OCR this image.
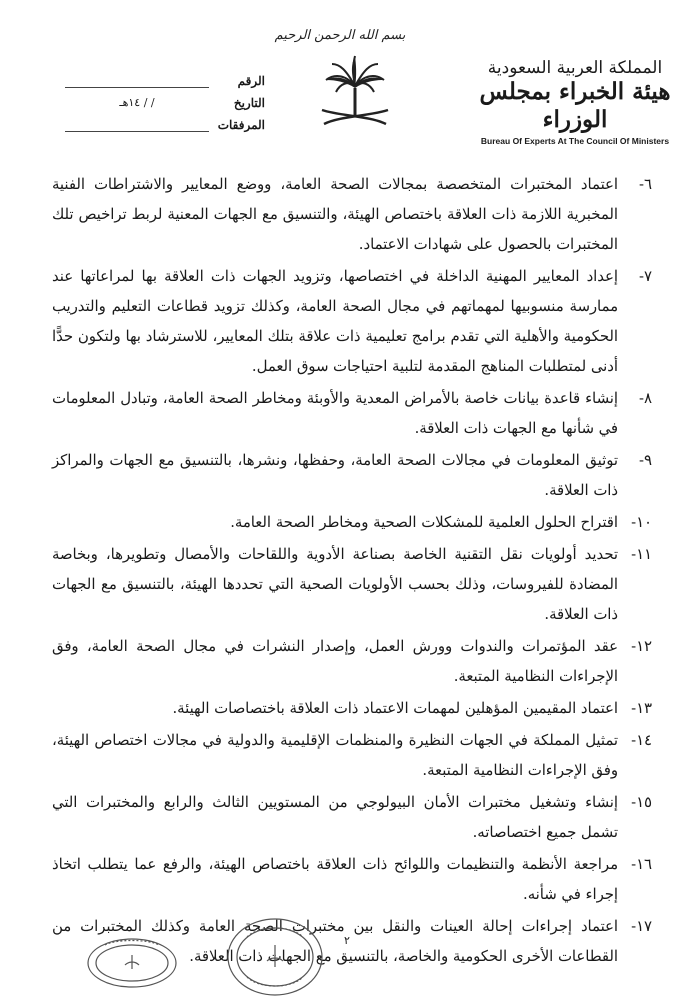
بسم الله الرحمن الرحيم
الرقم
التاريخ
/ / ١٤هـ
المرفقات
المملكة العربية السعودية
هيئة الخبراء بمجلس الوزراء
Bureau Of Experts At The Council Of Ministers
٦-
اعتماد المختبرات المتخصصة بمجالات الصحة العامة، ووضع المعايير والاشتراطات الفنية المخبرية اللازمة ذات العلاقة باختصاص الهيئة، والتنسيق مع الجهات المعنية لربط تراخيص تلك المختبرات بالحصول على شهادات الاعتماد.
٧-
إعداد المعايير المهنية الداخلة في اختصاصها، وتزويد الجهات ذات العلاقة بها لمراعاتها عند ممارسة منسوبيها لمهماتهم في مجال الصحة العامة، وكذلك تزويد قطاعات التعليم والتدريب الحكومية والأهلية التي تقدم برامج تعليمية ذات علاقة بتلك المعايير، للاسترشاد بها ولتكون حدًّا أدنى لمتطلبات المناهج المقدمة لتلبية احتياجات سوق العمل.
٨-
إنشاء قاعدة بيانات خاصة بالأمراض المعدية والأوبئة ومخاطر الصحة العامة، وتبادل المعلومات في شأنها مع الجهات ذات العلاقة.
٩-
توثيق المعلومات في مجالات الصحة العامة، وحفظها، ونشرها، بالتنسيق مع الجهات والمراكز ذات العلاقة.
١٠-
اقتراح الحلول العلمية للمشكلات الصحية ومخاطر الصحة العامة.
١١-
تحديد أولويات نقل التقنية الخاصة بصناعة الأدوية واللقاحات والأمصال وتطويرها، وبخاصة المضادة للفيروسات، وذلك بحسب الأولويات الصحية التي تحددها الهيئة، بالتنسيق مع الجهات ذات العلاقة.
١٢-
عقد المؤتمرات والندوات وورش العمل، وإصدار النشرات في مجال الصحة العامة، وفق الإجراءات النظامية المتبعة.
١٣-
اعتماد المقيمين المؤهلين لمهمات الاعتماد ذات العلاقة باختصاصات الهيئة.
١٤-
تمثيل المملكة في الجهات النظيرة والمنظمات الإقليمية والدولية في مجالات اختصاص الهيئة، وفق الإجراءات النظامية المتبعة.
١٥-
إنشاء وتشغيل مختبرات الأمان البيولوجي من المستويين الثالث والرابع والمختبرات التي تشمل جميع اختصاصاته.
١٦-
مراجعة الأنظمة والتنظيمات واللوائح ذات العلاقة باختصاص الهيئة، والرفع عما يتطلب اتخاذ إجراء في شأنه.
١٧-
اعتماد إجراءات إحالة العينات والنقل بين مختبرات الصحة العامة وكذلك المختبرات من القطاعات الأخرى الحكومية والخاصة، بالتنسيق مع الجهات ذات العلاقة.
٢
